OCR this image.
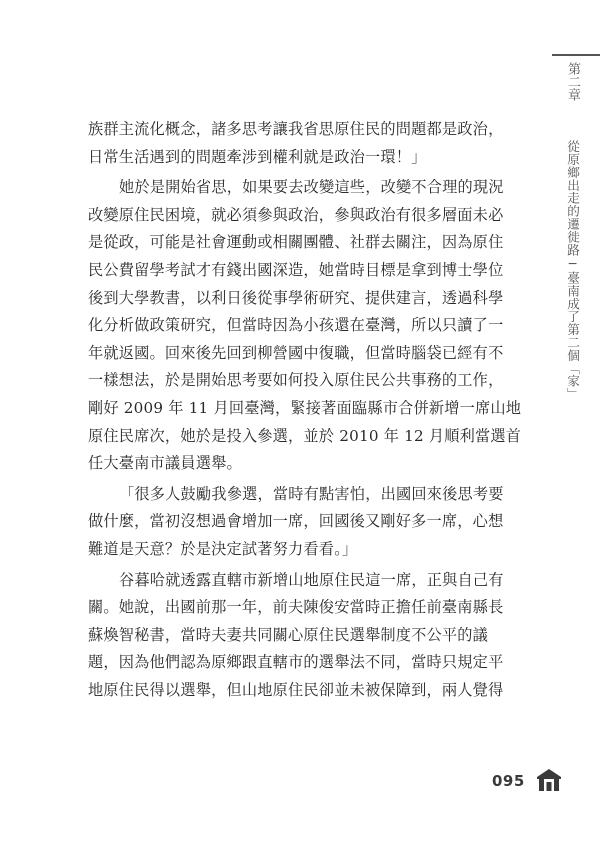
第二章
從原鄉出走的遷徙路─臺南成了第二個「家」
族群主流化概念，諸多思考讓我省思原住民的問題都是政治，
日常生活遇到的問題牽涉到權利就是政治一環！」
她於是開始省思，如果要去改變這些，改變不合理的現況
改變原住民困境，就必須參與政治，參與政治有很多層面未必
是從政，可能是社會運動或相關團體、社群去關注，因為原住
民公費留學考試才有錢出國深造，她當時目標是拿到博士學位
後到大學教書，以利日後從事學術研究、提供建言，透過科學
化分析做政策研究，但當時因為小孩還在臺灣，所以只讀了一
年就返國。回來後先回到柳營國中復職，但當時腦袋已經有不
一樣想法，於是開始思考要如何投入原住民公共事務的工作，
剛好 2009 年 11 月回臺灣，緊接著面臨縣市合併新增一席山地
原住民席次，她於是投入參選，並於 2010 年 12 月順利當選首
任大臺南市議員選舉。
「很多人鼓勵我參選，當時有點害怕，出國回來後思考要
做什麼，當初沒想過會增加一席，回國後又剛好多一席，心想
難道是天意？於是決定試著努力看看。」
谷暮哈就透露直轄市新增山地原住民這一席，正與自己有
關。她說，出國前那一年，前夫陳俊安當時正擔任前臺南縣長
蘇煥智秘書，當時夫妻共同關心原住民選舉制度不公平的議
題，因為他們認為原鄉跟直轄市的選舉法不同，當時只規定平
地原住民得以選舉，但山地原住民卻並未被保障到，兩人覺得
095
